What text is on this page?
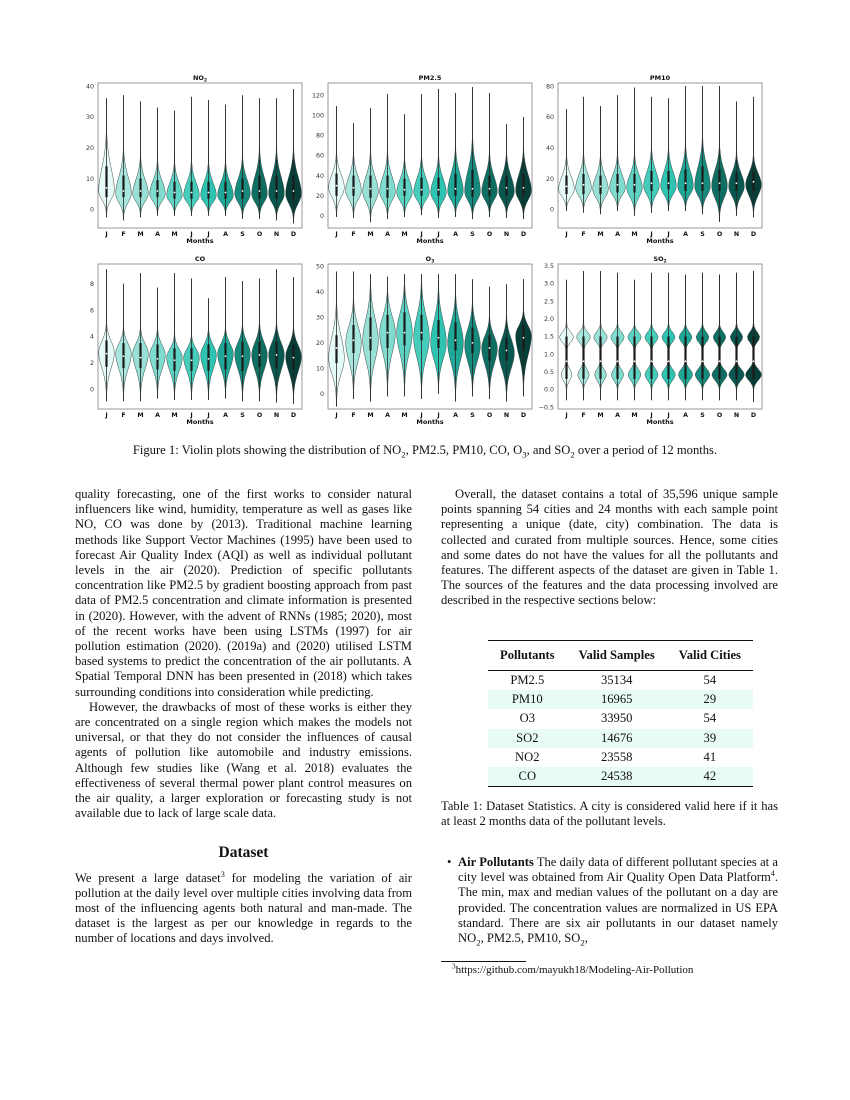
$NO_2$
0
10
20
30
40
J F M A M J J A S O N D
Months
PM2.5
0
20
40
60
80
100
120
J F M A M J J A S O N D
Months
PM10
0
20
40
60
80
J F M A M J J A S O N D
Months
CO
0
2
4
6
8
J F M A M J J A S O N D
Months
$O_3$
0
10
20
30
40
50
J F M A M J J A S O N D
Months
$SO_2$
−0.5
0.0
0.5
1.0
1.5
2.0
2.5
3.0
3.5
J F M A M J J A S O N D
Months
Figure 1: Violin plots showing the distribution of $NO_2$, PM2.5, PM10, CO, $O_3$, and $SO_2$ over a period of 12 months.

quality forecasting, one of the first works to consider natural influencers like wind, humidity, temperature as well as gases like NO, CO was done by (2013). Traditional machine learning methods like Support Vector Machines (1995) have been used to forecast Air Quality Index (AQI) as well as individual pollutant levels in the air (2020). Prediction of specific pollutants concentration like PM2.5 by gradient boosting approach from past data of PM2.5 concentration and climate information is presented in (2020). However, with the advent of RNNs (1985; 2020), most of the recent works have been using LSTMs (1997) for air pollution estimation (2020). (2019a) and (2020) utilised LSTM based systems to predict the concentration of the air pollutants. A Spatial Temporal DNN has been presented in (2018) which takes surrounding conditions into consideration while predicting.

However, the drawbacks of most of these works is either they are concentrated on a single region which makes the models not universal, or that they do not consider the influences of causal agents of pollution like automobile and industry emissions. Although few studies like (Wang et al. 2018) evaluates the effectiveness of several thermal power plant control measures on the air quality, a larger exploration or forecasting study is not available due to lack of large scale data.

Dataset

We present a large dataset$^3$ for modeling the variation of air pollution at the daily level over multiple cities involving data from most of the influencing agents both natural and man-made. The dataset is the largest as per our knowledge in regards to the number of locations and days involved.

Overall, the dataset contains a total of 35,596 unique sample points spanning 54 cities and 24 months with each sample point representing a unique (date, city) combination. The data is collected and curated from multiple sources. Hence, some cities and some dates do not have the values for all the pollutants and features. The different aspects of the dataset are given in Table 1. The sources of the features and the data processing involved are described in the respective sections below:

Pollutants	Valid Samples	Valid Cities
PM2.5	35134	54
PM10	16965	29
O3	33950	54
SO2	14676	39
NO2	23558	41
CO	24538	42
Table 1: Dataset Statistics. A city is considered valid here if it has at least 2 months data of the pollutant levels.
• Air Pollutants The daily data of different pollutant species at a city level was obtained from Air Quality Open Data Platform$^4$. The min, max and median values of the pollutant on a day are provided. The concentration values are normalized in US EPA standard. There are six air pollutants in our dataset namely $NO_2$, PM2.5, PM10, $SO_2$,
$^3$https://github.com/mayukh18/Modeling-Air-Pollution
